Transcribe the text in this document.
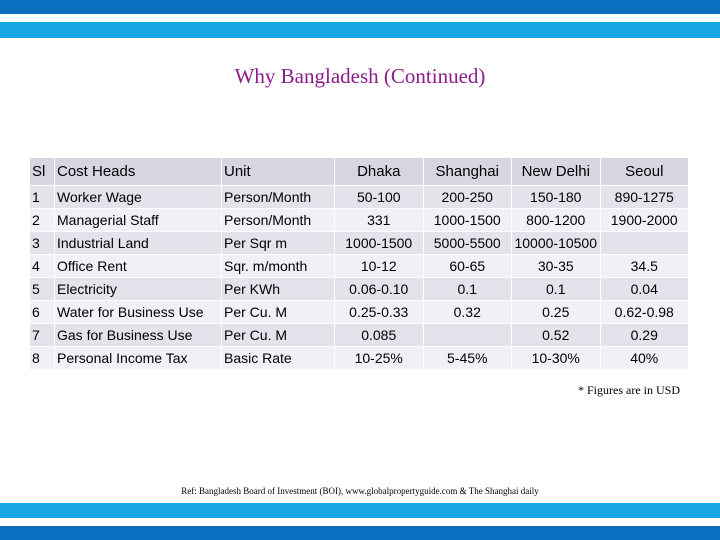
Why Bangladesh (Continued)
Sl	Cost Heads	Unit	Dhaka	Shanghai	New Delhi	Seoul
1	Worker Wage	Person/Month	50-100	200-250	150-180	890-1275
2	Managerial Staff	Person/Month	331	1000-1500	800-1200	1900-2000
3	Industrial Land	Per Sqr m	1000-1500	5000-5500	10000-10500	
4	Office Rent	Sqr. m/month	10-12	60-65	30-35	34.5
5	Electricity	Per KWh	0.06-0.10	0.1	0.1	0.04
6	Water for Business Use	Per Cu. M	0.25-0.33	0.32	0.25	0.62-0.98
7	Gas for Business Use	Per Cu. M	0.085		0.52	0.29
8	Personal Income Tax	Basic Rate	10-25%	5-45%	10-30%	40%
* Figures are in USD
Ref: Bangladesh Board of Investment (BOI), www.globalpropertyguide.com & The Shanghai daily
